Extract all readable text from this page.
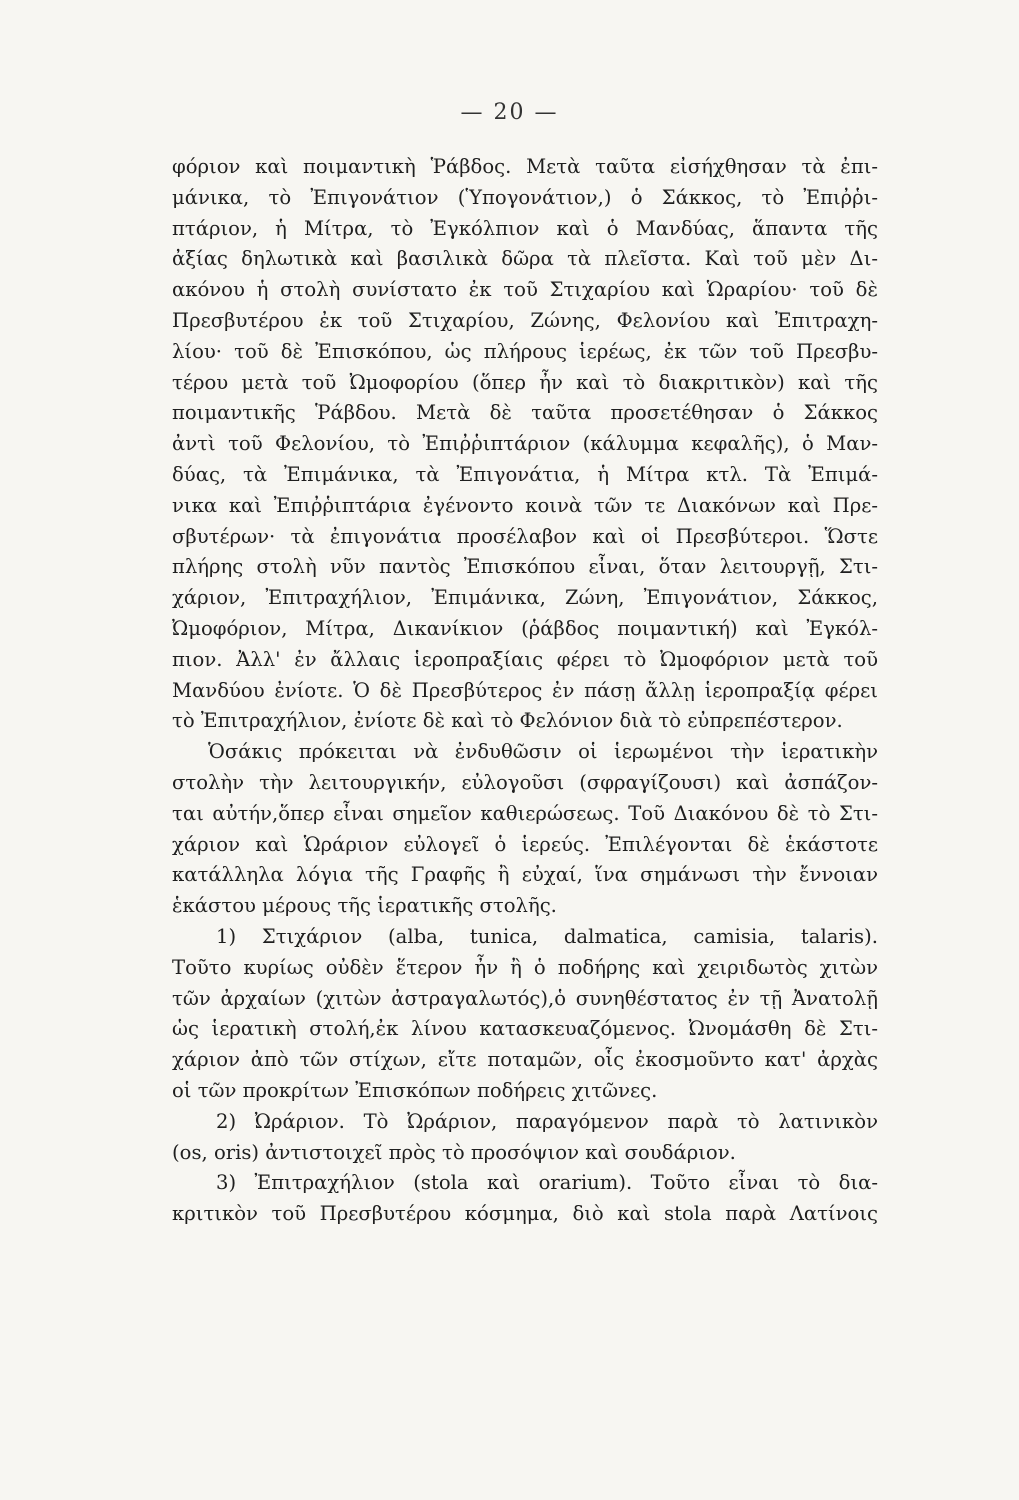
— 20 —
φόριον καὶ ποιμαντικὴ Ῥάβδος. Μετὰ ταῦτα εἰσήχθησαν τὰ ἐπι-
μάνικα, τὸ Ἐπιγονάτιον (Ὑπογονάτιον,) ὁ Σάκκος, τὸ Ἐπιῤῥι-
πτάριον, ἡ Μίτρα, τὸ Ἐγκόλπιον καὶ ὁ Μανδύας, ἅπαντα τῆς
ἀξίας δηλωτικὰ καὶ βασιλικὰ δῶρα τὰ πλεῖστα. Καὶ τοῦ μὲν Δι-
ακόνου ἡ στολὴ συνίστατο ἐκ τοῦ Στιχαρίου καὶ Ὡραρίου· τοῦ δὲ
Πρεσβυτέρου ἐκ τοῦ Στιχαρίου, Ζώνης, Φελονίου καὶ Ἐπιτραχη-
λίου· τοῦ δὲ Ἐπισκόπου, ὡς πλήρους ἱερέως, ἐκ τῶν τοῦ Πρεσβυ-
τέρου μετὰ τοῦ Ὠμοφορίου (ὅπερ ἦν καὶ τὸ διακριτικὸν) καὶ τῆς
ποιμαντικῆς Ῥάβδου. Μετὰ δὲ ταῦτα προσετέθησαν ὁ Σάκκος
ἀντὶ τοῦ Φελονίου, τὸ Ἐπιῤῥιπτάριον (κάλυμμα κεφαλῆς), ὁ Μαν-
δύας, τὰ Ἐπιμάνικα, τὰ Ἐπιγονάτια, ἡ Μίτρα κτλ. Τὰ Ἐπιμά-
νικα καὶ Ἐπιῤῥιπτάρια ἐγένοντο κοινὰ τῶν τε Διακόνων καὶ Πρε-
σβυτέρων· τὰ ἐπιγονάτια προσέλαβον καὶ οἱ Πρεσβύτεροι. Ὥστε
πλήρης στολὴ νῦν παντὸς Ἐπισκόπου εἶναι, ὅταν λειτουργῇ, Στι-
χάριον, Ἐπιτραχήλιον, Ἐπιμάνικα, Ζώνη, Ἐπιγονάτιον, Σάκκος,
Ὠμοφόριον, Μίτρα, Δικανίκιον (ῥάβδος ποιμαντική) καὶ Ἐγκόλ-
πιον. Ἀλλ' ἐν ἄλλαις ἱεροπραξίαις φέρει τὸ Ὠμοφόριον μετὰ τοῦ
Μανδύου ἐνίοτε. Ὁ δὲ Πρεσβύτερος ἐν πάσῃ ἄλλῃ ἱεροπραξίᾳ φέρει
τὸ Ἐπιτραχήλιον, ἐνίοτε δὲ καὶ τὸ Φελόνιον διὰ τὸ εὐπρεπέστερον.
Ὁσάκις πρόκειται νὰ ἐνδυθῶσιν οἱ ἱερωμένοι τὴν ἱερατικὴν
στολὴν τὴν λειτουργικήν, εὐλογοῦσι (σφραγίζουσι) καὶ ἀσπάζον-
ται αὐτήν,ὅπερ εἶναι σημεῖον καθιερώσεως. Τοῦ Διακόνου δὲ τὸ Στι-
χάριον καὶ Ὡράριον εὐλογεῖ ὁ ἱερεύς. Ἐπιλέγονται δὲ ἑκάστοτε
κατάλληλα λόγια τῆς Γραφῆς ἢ εὐχαί, ἵνα σημάνωσι τὴν ἔννοιαν
ἑκάστου μέρους τῆς ἱερατικῆς στολῆς.
1) Στιχάριον (alba, tunica, dalmatica, camisia, talaris).
Τοῦτο κυρίως οὐδὲν ἕτερον ἦν ἢ ὁ ποδήρης καὶ χειριδωτὸς χιτὼν
τῶν ἀρχαίων (χιτὼν ἀστραγαλωτός),ὁ συνηθέστατος ἐν τῇ Ἀνατολῇ
ὡς ἱερατικὴ στολή,ἐκ λίνου κατασκευαζόμενος. Ὠνομάσθη δὲ Στι-
χάριον ἀπὸ τῶν στίχων, εἴτε ποταμῶν, οἷς ἐκοσμοῦντο κατ' ἀρχὰς
οἱ τῶν προκρίτων Ἐπισκόπων ποδήρεις χιτῶνες.
2) Ὠράριον. Τὸ Ὠράριον, παραγόμενον παρὰ τὸ λατινικὸν
(os, oris) ἀντιστοιχεῖ πρὸς τὸ προσόψιον καὶ σουδάριον.
3) Ἐπιτραχήλιον (stola καὶ orarium). Τοῦτο εἶναι τὸ δια-
κριτικὸν τοῦ Πρεσβυτέρου κόσμημα, διὸ καὶ stola παρὰ Λατίνοις
